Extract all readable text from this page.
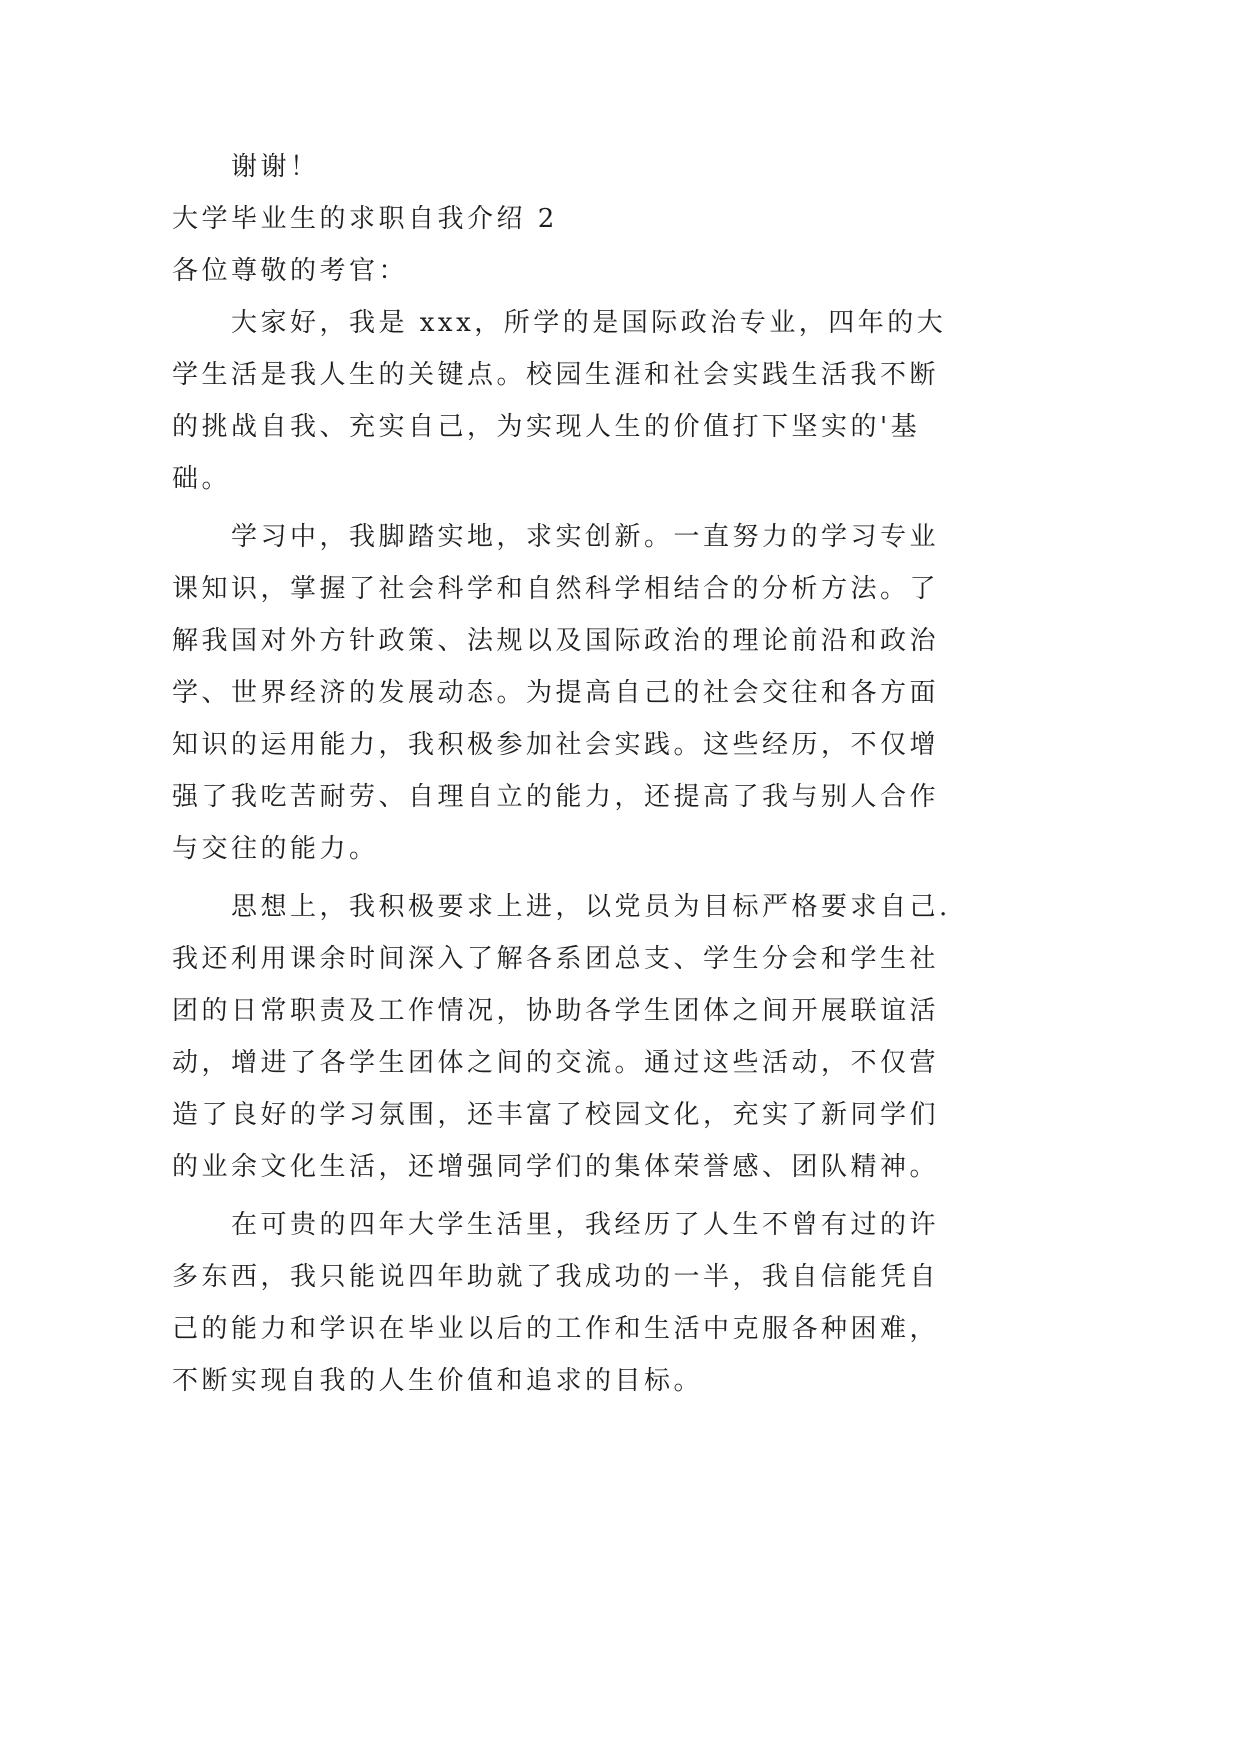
谢谢！
大学毕业生的求职自我介绍 2
各位尊敬的考官：
大家好，我是 xxx，所学的是国际政治专业，四年的大
学生活是我人生的关键点。校园生涯和社会实践生活我不断
的挑战自我、充实自己，为实现人生的价值打下坚实的'基
础。
学习中，我脚踏实地，求实创新。一直努力的学习专业
课知识，掌握了社会科学和自然科学相结合的分析方法。了
解我国对外方针政策、法规以及国际政治的理论前沿和政治
学、世界经济的发展动态。为提高自己的社会交往和各方面
知识的运用能力，我积极参加社会实践。这些经历，不仅增
强了我吃苦耐劳、自理自立的能力，还提高了我与别人合作
与交往的能力。
思想上，我积极要求上进，以党员为目标严格要求自己.
我还利用课余时间深入了解各系团总支、学生分会和学生社
团的日常职责及工作情况，协助各学生团体之间开展联谊活
动，增进了各学生团体之间的交流。通过这些活动，不仅营
造了良好的学习氛围，还丰富了校园文化，充实了新同学们
的业余文化生活，还增强同学们的集体荣誉感、团队精神。
在可贵的四年大学生活里，我经历了人生不曾有过的许
多东西，我只能说四年助就了我成功的一半，我自信能凭自
己的能力和学识在毕业以后的工作和生活中克服各种困难，
不断实现自我的人生价值和追求的目标。
